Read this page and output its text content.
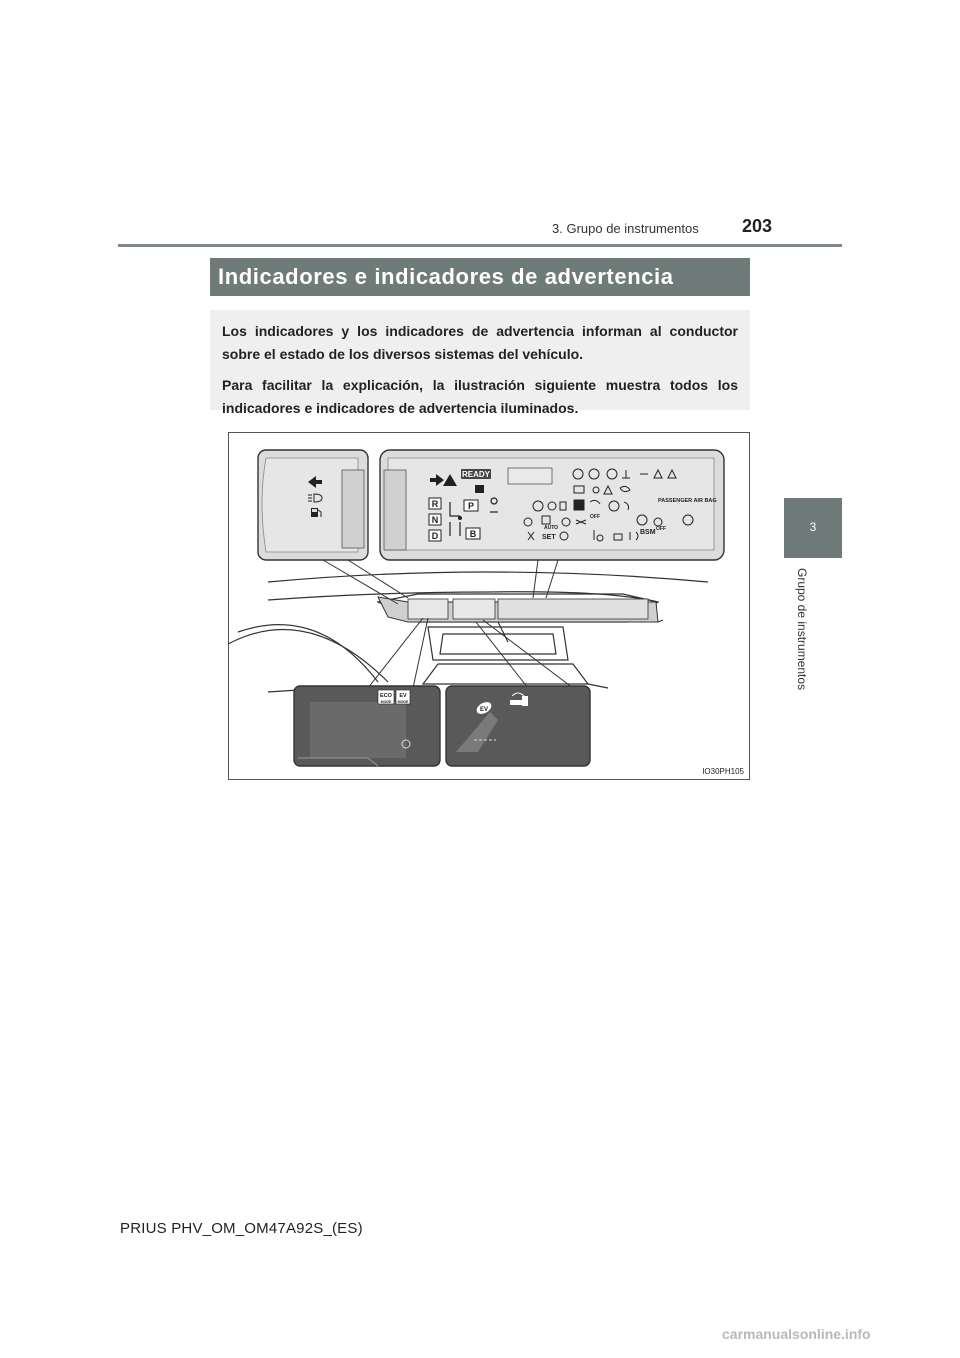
3. Grupo de instrumentos 203
3
Grupo de instrumentos
Indicadores e indicadores de advertencia

Los indicadores y los indicadores de advertencia informan al conductor sobre el estado de los diversos sistemas del vehículo.

Para facilitar la explicación, la ilustración siguiente muestra todos los indicadores e indicadores de advertencia iluminados.

READY
R
N
D
P
B
PASSENGER AIR BAG
AUTO
OFF
OFF
SET
BSM
ECO
MODE
EV
MODE
EV
IO30PH105
PRIUS PHV_OM_OM47A92S_(ES)
carmanualsonline.info
